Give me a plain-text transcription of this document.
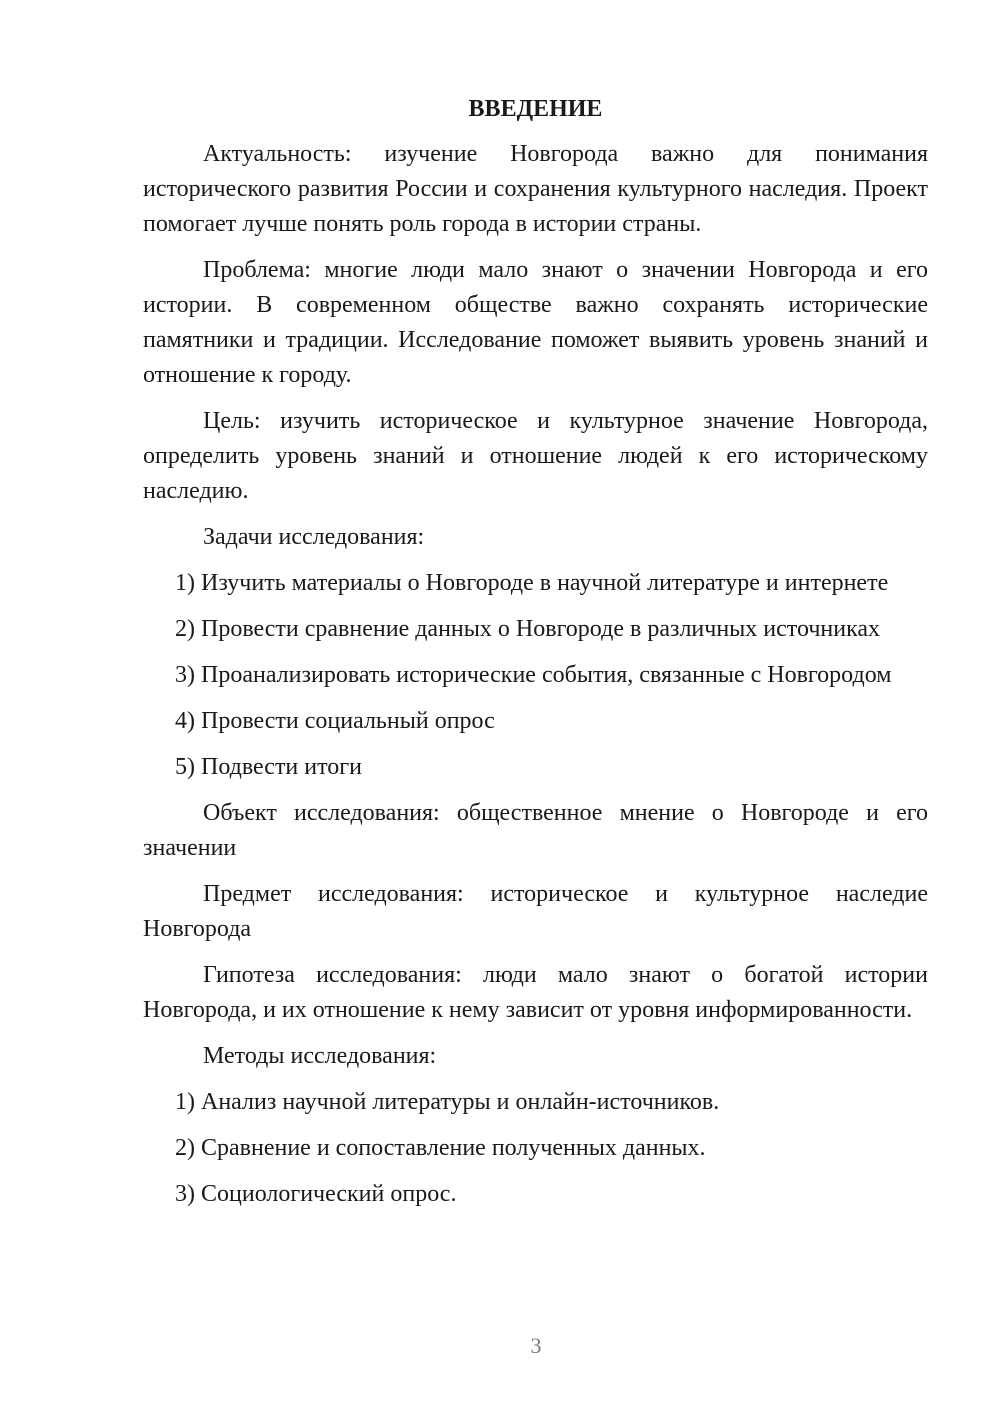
ВВЕДЕНИЕ

Актуальность: изучение Новгорода важно для понимания исторического развития России и сохранения культурного наследия. Проект помогает лучше понять роль города в истории страны.

Проблема: многие люди мало знают о значении Новгорода и его истории. В современном обществе важно сохранять исторические памятники и традиции. Исследование поможет выявить уровень знаний и отношение к городу.

Цель: изучить историческое и культурное значение Новгорода, определить уровень знаний и отношение людей к его историческому наследию.

Задачи исследования:

1) Изучить материалы о Новгороде в научной литературе и интернете

2) Провести сравнение данных о Новгороде в различных источниках

3) Проанализировать исторические события, связанные с Новгородом

4) Провести социальный опрос

5) Подвести итоги

Объект исследования: общественное мнение о Новгороде и его значении

Предмет исследования: историческое и культурное наследие Новгорода

Гипотеза исследования: люди мало знают о богатой истории Новгорода, и их отношение к нему зависит от уровня информированности.

Методы исследования:

1) Анализ научной литературы и онлайн-источников.

2) Сравнение и сопоставление полученных данных.

3) Социологический опрос.

3
